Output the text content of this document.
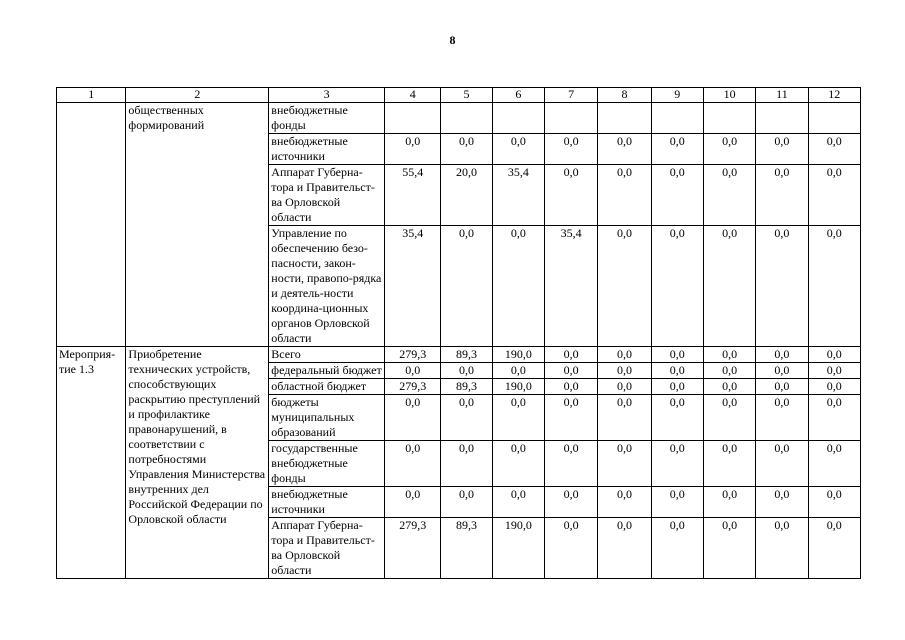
8
1	2	3	4	5	6	7	8	9	10	11	12
	общественных формирований	внебюджетные фонды									
		внебюджетные источники	0,0	0,0	0,0	0,0	0,0	0,0	0,0	0,0	0,0
		Аппарат Губерна-тора и Правительст-ва Орловской области	55,4	20,0	35,4	0,0	0,0	0,0	0,0	0,0	0,0
		Управление по обеспечению безо-пасности, закон-ности, правопо-рядка и деятель-ности координа-ционных органов Орловской области	35,4	0,0	0,0	35,4	0,0	0,0	0,0	0,0	0,0
Мероприя-тие 1.3	Приобретение технических устройств, способствующих раскрытию преступлений и профилактике правонарушений, в соответствии с потребностями Управления Министерства внутренних дел Российской Федерации по Орловской области	Всего	279,3	89,3	190,0	0,0	0,0	0,0	0,0	0,0	0,0
		федеральный бюджет	0,0	0,0	0,0	0,0	0,0	0,0	0,0	0,0	0,0
		областной бюджет	279,3	89,3	190,0	0,0	0,0	0,0	0,0	0,0	0,0
		бюджеты муниципальных образований	0,0	0,0	0,0	0,0	0,0	0,0	0,0	0,0	0,0
		государственные внебюджетные фонды	0,0	0,0	0,0	0,0	0,0	0,0	0,0	0,0	0,0
		внебюджетные источники	0,0	0,0	0,0	0,0	0,0	0,0	0,0	0,0	0,0
		Аппарат Губерна-тора и Правительст-ва Орловской области	279,3	89,3	190,0	0,0	0,0	0,0	0,0	0,0	0,0
